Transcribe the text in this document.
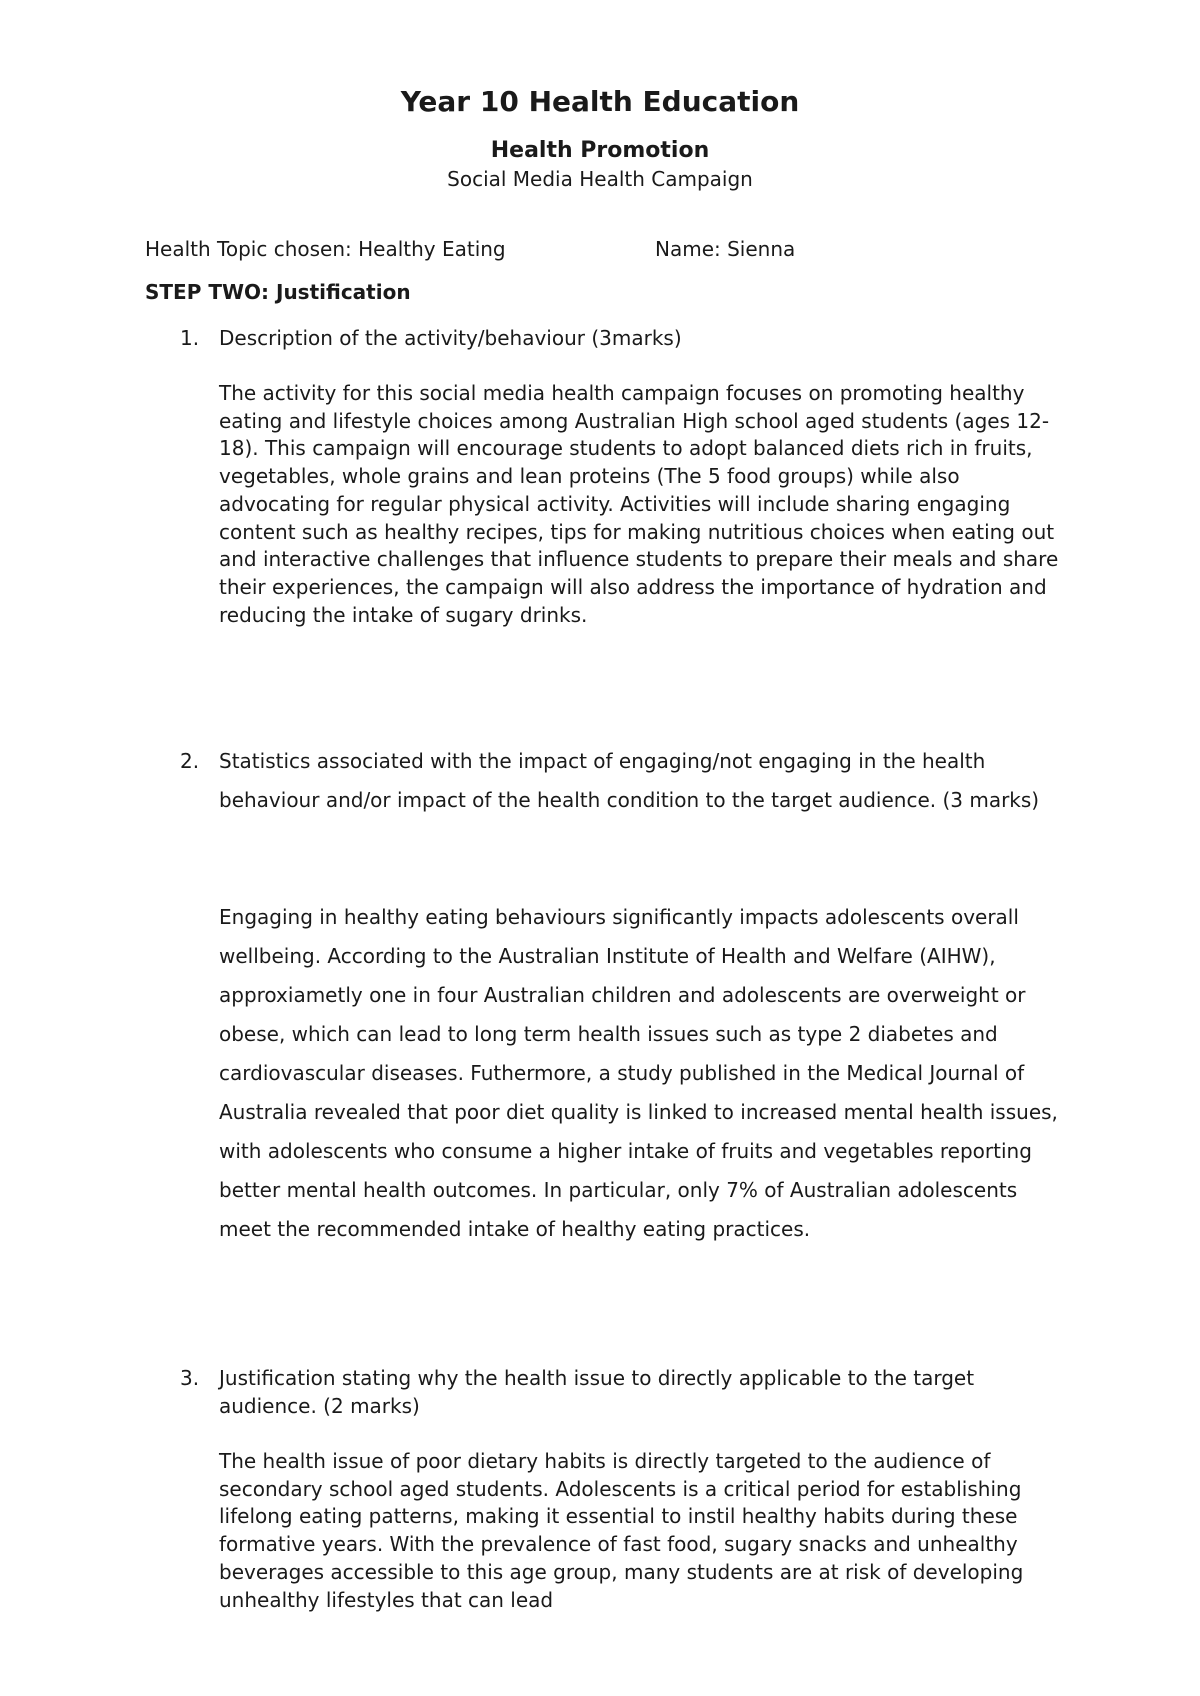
Year 10 Health Education
Health Promotion
Social Media Health Campaign
Health Topic chosen: Healthy Eating	Name: Sienna
STEP TWO: Justification
1. Description of the activity/behaviour (3marks)

The activity for this social media health campaign focuses on promoting healthy eating and lifestyle choices among Australian High school aged students (ages 12-18). This campaign will encourage students to adopt balanced diets rich in fruits, vegetables, whole grains and lean proteins (The 5 food groups) while also advocating for regular physical activity. Activities will include sharing engaging content such as healthy recipes, tips for making nutritious choices when eating out and interactive challenges that influence students to prepare their meals and share their experiences, the campaign will also address the importance of hydration and reducing the intake of sugary drinks.

2. Statistics associated with the impact of engaging/not engaging in the health behaviour and/or impact of the health condition to the target audience. (3 marks)

Engaging in healthy eating behaviours significantly impacts adolescents overall wellbeing. According to the Australian Institute of Health and Welfare (AIHW), approxiametly one in four Australian children and adolescents are overweight or obese, which can lead to long term health issues such as type 2 diabetes and cardiovascular diseases. Futhermore, a study published in the Medical Journal of Australia revealed that poor diet quality is linked to increased mental health issues, with adolescents who consume a higher intake of fruits and vegetables reporting better mental health outcomes. In particular, only 7% of Australian adolescents meet the recommended intake of healthy eating practices.

3. Justification stating why the health issue to directly applicable to the target audience. (2 marks)

The health issue of poor dietary habits is directly targeted to the audience of secondary school aged students. Adolescents is a critical period for establishing lifelong eating patterns, making it essential to instil healthy habits during these formative years. With the prevalence of fast food, sugary snacks and unhealthy beverages accessible to this age group, many students are at risk of developing unhealthy lifestyles that can lead
